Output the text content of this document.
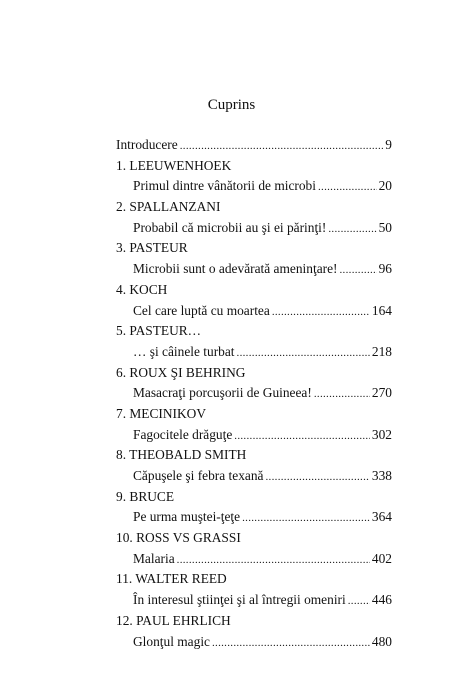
Cuprins
Introducere .....	9
1. LEEUWENHOEK
Primul dintre vânătorii de microbi .....	20
2. SPALLANZANI
Probabil că microbii au şi ei părinţi! .....	50
3. PASTEUR
Microbii sunt o adevărată ameninţare! .....	96
4. KOCH
Cel care luptă cu moartea .....	164
5. PASTEUR…
… şi câinele turbat .....	218
6. ROUX ŞI BEHRING
Masacraţi porcuşorii de Guineea! .....	270
7. MECINIKOV
Fagocitele drăguţe .....	302
8. THEOBALD SMITH
Căpuşele şi febra texană .....	338
9. BRUCE
Pe urma muştei-ţeţe .....	364
10. ROSS VS GRASSI
Malaria .....	402
11. WALTER REED
În interesul ştiinţei şi al întregii omeniri ..... 446
12. PAUL EHRLICH
Glonţul magic .....	480
